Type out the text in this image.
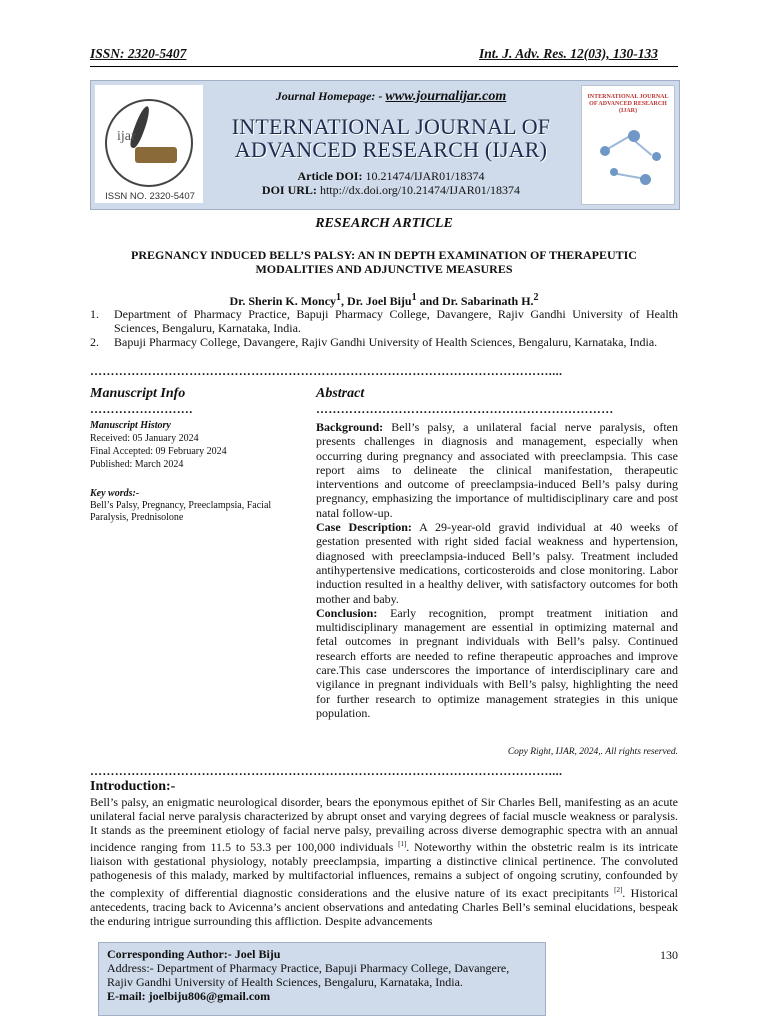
ISSN: 2320-5407	Int. J. Adv. Res. 12(03), 130-133
ijar
ISSN NO. 2320-5407
Journal Homepage: - www.journalijar.com
INTERNATIONAL JOURNAL OF
ADVANCED RESEARCH (IJAR)
Article DOI: 10.21474/IJAR01/18374
DOI URL: http://dx.doi.org/10.21474/IJAR01/18374
INTERNATIONAL JOURNAL OF ADVANCED RESEARCH (IJAR)
RESEARCH ARTICLE
PREGNANCY INDUCED BELL’S PALSY: AN IN DEPTH EXAMINATION OF THERAPEUTIC
MODALITIES AND ADJUNCTIVE MEASURES
Dr. Sherin K. Moncy$^1$, Dr. Joel Biju$^1$ and Dr. Sabarinath H.$^2$
1. Department of Pharmacy Practice, Bapuji Pharmacy College, Davangere, Rajiv Gandhi University of Health Sciences, Bengaluru, Karnataka, India.
2. Bapuji Pharmacy College, Davangere, Rajiv Gandhi University of Health Sciences, Bengaluru, Karnataka, India.
…………………………………………………………………………………………………....
Manuscript Info	Abstract
…………………….	………………………………………………………………
Manuscript History
Received: 05 January 2024
Final Accepted: 09 February 2024
Published: March 2024
Key words:-
Bell’s Palsy, Pregnancy, Preeclampsia, Facial Paralysis, Prednisolone

Background: Bell’s palsy, a unilateral facial nerve paralysis, often presents challenges in diagnosis and management, especially when occurring during pregnancy and associated with preeclampsia. This case report aims to delineate the clinical manifestation, therapeutic interventions and outcome of preeclampsia-induced Bell’s palsy during pregnancy, emphasizing the importance of multidisciplinary care and post natal follow-up.

Case Description: A 29-year-old gravid individual at 40 weeks of gestation presented with right sided facial weakness and hypertension, diagnosed with preeclampsia-induced Bell’s palsy. Treatment included antihypertensive medications, corticosteroids and close monitoring. Labor induction resulted in a healthy deliver, with satisfactory outcomes for both mother and baby.

Conclusion: Early recognition, prompt treatment initiation and multidisciplinary management are essential in optimizing maternal and fetal outcomes in pregnant individuals with Bell’s palsy. Continued research efforts are needed to refine therapeutic approaches and improve care.This case underscores the importance of interdisciplinary care and vigilance in pregnant individuals with Bell’s palsy, highlighting the need for further research to optimize management strategies in this unique population.

Copy Right, IJAR, 2024,. All rights reserved.
…………………………………………………………………………………………………....
Introduction:-
Bell’s palsy, an enigmatic neurological disorder, bears the eponymous epithet of Sir Charles Bell, manifesting as an acute unilateral facial nerve paralysis characterized by abrupt onset and varying degrees of facial muscle weakness or paralysis. It stands as the preeminent etiology of facial nerve palsy, prevailing across diverse demographic spectra with an annual incidence ranging from 11.5 to 53.3 per 100,000 individuals [1]. Noteworthy within the obstetric realm is its intricate liaison with gestational physiology, notably preeclampsia, imparting a distinctive clinical pertinence. The convoluted pathogenesis of this malady, marked by multifactorial influences, remains a subject of ongoing scrutiny, confounded by the complexity of differential diagnostic considerations and the elusive nature of its exact precipitants [2]. Historical antecedents, tracing back to Avicenna’s ancient observations and antedating Charles Bell’s seminal elucidations, bespeak the enduring intrigue surrounding this affliction. Despite advancements
Corresponding Author:- Joel Biju
Address:- Department of Pharmacy Practice, Bapuji Pharmacy College, Davangere, Rajiv Gandhi University of Health Sciences, Bengaluru, Karnataka, India.
E-mail: joelbiju806@gmail.com
130
